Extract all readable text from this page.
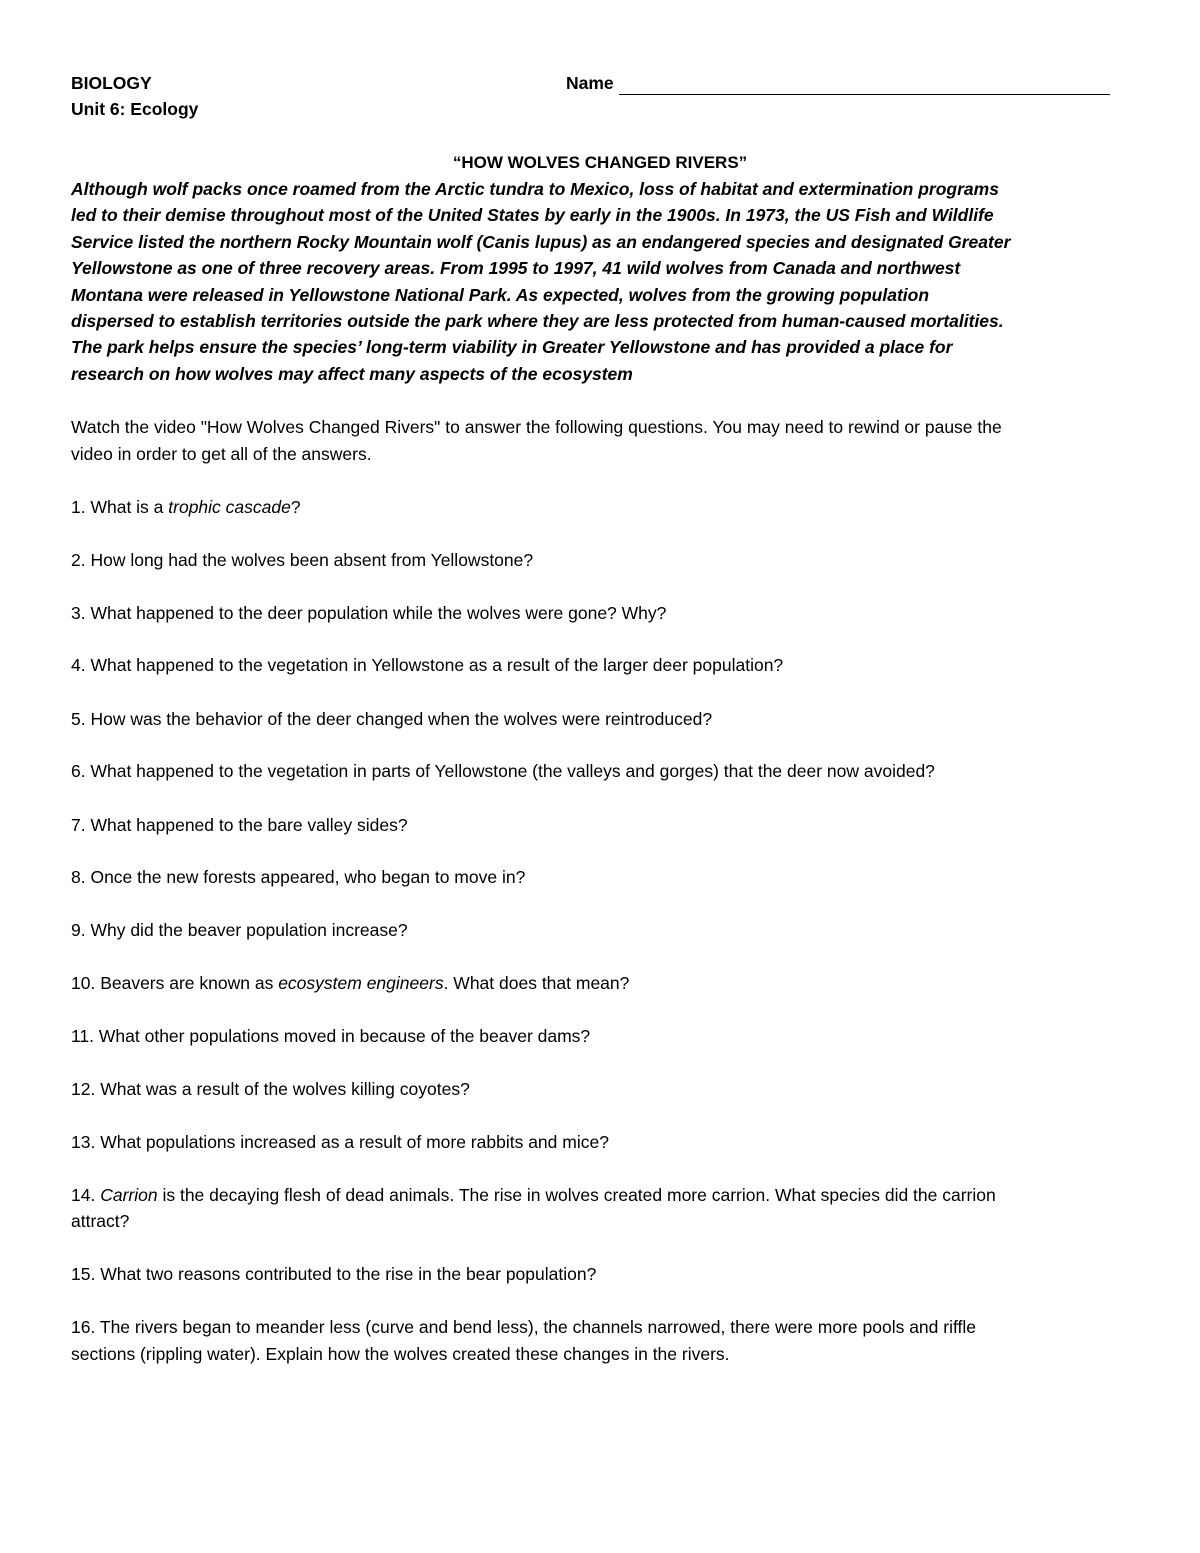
BIOLOGY
Unit 6: Ecology
Name
“HOW WOLVES CHANGED RIVERS”
Although wolf packs once roamed from the Arctic tundra to Mexico, loss of habitat and extermination programs
led to their demise throughout most of the United States by early in the 1900s. In 1973, the US Fish and Wildlife
Service listed the northern Rocky Mountain wolf (Canis lupus) as an endangered species and designated Greater
Yellowstone as one of three recovery areas. From 1995 to 1997, 41 wild wolves from Canada and northwest
Montana were released in Yellowstone National Park. As expected, wolves from the growing population
dispersed to establish territories outside the park where they are less protected from human-caused mortalities.
The park helps ensure the species’ long-term viability in Greater Yellowstone and has provided a place for
research on how wolves may affect many aspects of the ecosystem
Watch the video "How Wolves Changed Rivers" to answer the following questions. You may need to rewind or pause the
video in order to get all of the answers.
1. What is a trophic cascade?
2. How long had the wolves been absent from Yellowstone?
3. What happened to the deer population while the wolves were gone? Why?
4. What happened to the vegetation in Yellowstone as a result of the larger deer population?
5. How was the behavior of the deer changed when the wolves were reintroduced?
6. What happened to the vegetation in parts of Yellowstone (the valleys and gorges) that the deer now avoided?
7. What happened to the bare valley sides?
8. Once the new forests appeared, who began to move in?
9. Why did the beaver population increase?
10. Beavers are known as ecosystem engineers. What does that mean?
11. What other populations moved in because of the beaver dams?
12. What was a result of the wolves killing coyotes?
13. What populations increased as a result of more rabbits and mice?
14. Carrion is the decaying flesh of dead animals. The rise in wolves created more carrion. What species did the carrion
attract?
15. What two reasons contributed to the rise in the bear population?
16. The rivers began to meander less (curve and bend less), the channels narrowed, there were more pools and riffle
sections (rippling water). Explain how the wolves created these changes in the rivers.
